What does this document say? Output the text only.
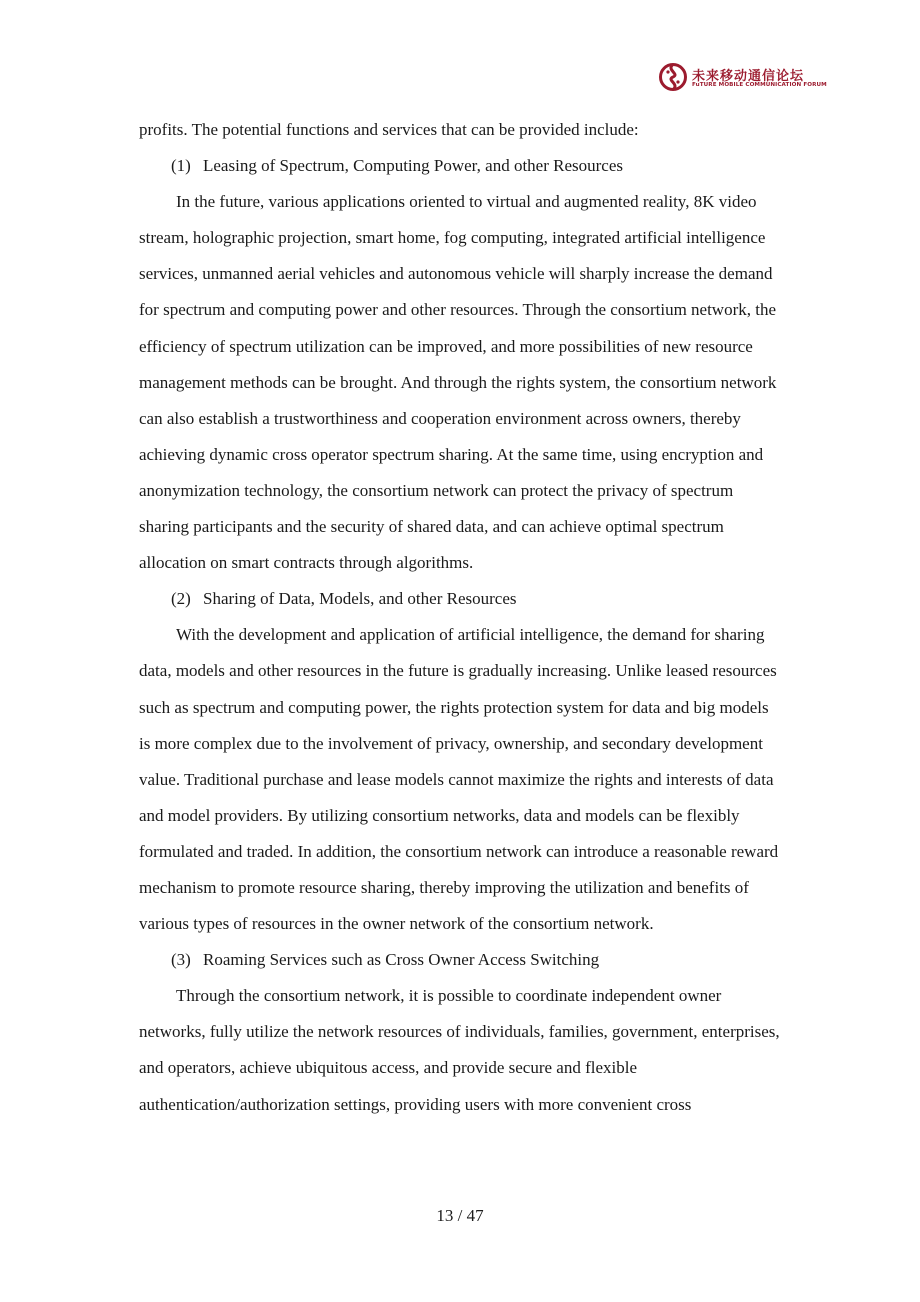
未来移动通信论坛
FuTURE MOBILE COMMUNICATION FORUM

profits. The potential functions and services that can be provided include:

(1) Leasing of Spectrum, Computing Power, and other Resources

In the future, various applications oriented to virtual and augmented reality, 8K video stream, holographic projection, smart home, fog computing, integrated artificial intelligence services, unmanned aerial vehicles and autonomous vehicle will sharply increase the demand for spectrum and computing power and other resources. Through the consortium network, the efficiency of spectrum utilization can be improved, and more possibilities of new resource management methods can be brought. And through the rights system, the consortium network can also establish a trustworthiness and cooperation environment across owners, thereby achieving dynamic cross operator spectrum sharing. At the same time, using encryption and anonymization technology, the consortium network can protect the privacy of spectrum sharing participants and the security of shared data, and can achieve optimal spectrum allocation on smart contracts through algorithms.

(2) Sharing of Data, Models, and other Resources

With the development and application of artificial intelligence, the demand for sharing data, models and other resources in the future is gradually increasing. Unlike leased resources such as spectrum and computing power, the rights protection system for data and big models is more complex due to the involvement of privacy, ownership, and secondary development value. Traditional purchase and lease models cannot maximize the rights and interests of data and model providers. By utilizing consortium networks, data and models can be flexibly formulated and traded. In addition, the consortium network can introduce a reasonable reward mechanism to promote resource sharing, thereby improving the utilization and benefits of various types of resources in the owner network of the consortium network.

(3) Roaming Services such as Cross Owner Access Switching

Through the consortium network, it is possible to coordinate independent owner networks, fully utilize the network resources of individuals, families, government, enterprises, and operators, achieve ubiquitous access, and provide secure and flexible authentication/authorization settings, providing users with more convenient cross

13 / 47
